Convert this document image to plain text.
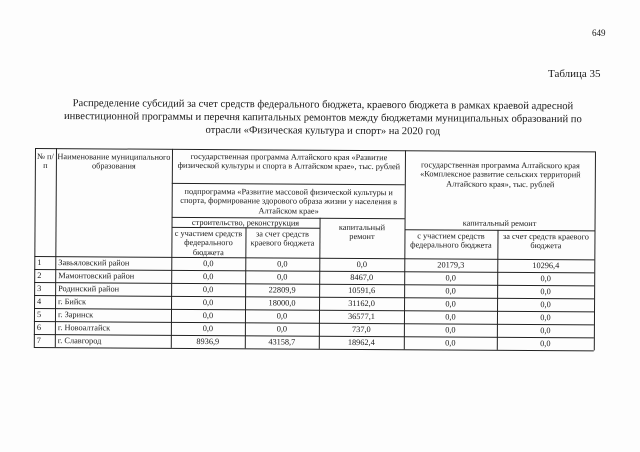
649
Таблица 35
Распределение субсидий за счет средств федерального бюджета, краевого бюджета в рамках краевой адресной инвестиционной программы и перечня капитальных ремонтов между бюджетами муниципальных образований по отрасли «Физическая культура и спорт» на 2020 год
№ п/п
Наименование муниципального образования
государственная программа Алтайского края «Развитие физической культуры и спорта в Алтайском крае», тыс. рублей
подпрограмма «Развитие массовой физической культуры и спорта, формирование здорового образа жизни у населения в Алтайском крае»
строительство, реконструкция
с участием средств федерального бюджета
за счет средств краевого бюджета
капитальный ремонт
государственная программа Алтайского края «Комплексное развитие сельских территорий Алтайского края», тыс. рублей
капитальный ремонт
с участием средств федерального бюджета
за счет средств краевого бюджета
1	Завьяловский район	0,0	0,0	0,0	20179,3	10296,4
2	Мамонтовский район	0,0	0,0	8467,0	0,0	0,0
3	Родинский район	0,0	22809,9	10591,6	0,0	0,0
4	г. Бийск	0,0	18000,0	31162,0	0,0	0,0
5	г. Заринск	0,0	0,0	36577,1	0,0	0,0
6	г. Новоалтайск	0,0	0,0	737,0	0,0	0,0
7	г. Славгород	8936,9	43158,7	18962,4	0,0	0,0
